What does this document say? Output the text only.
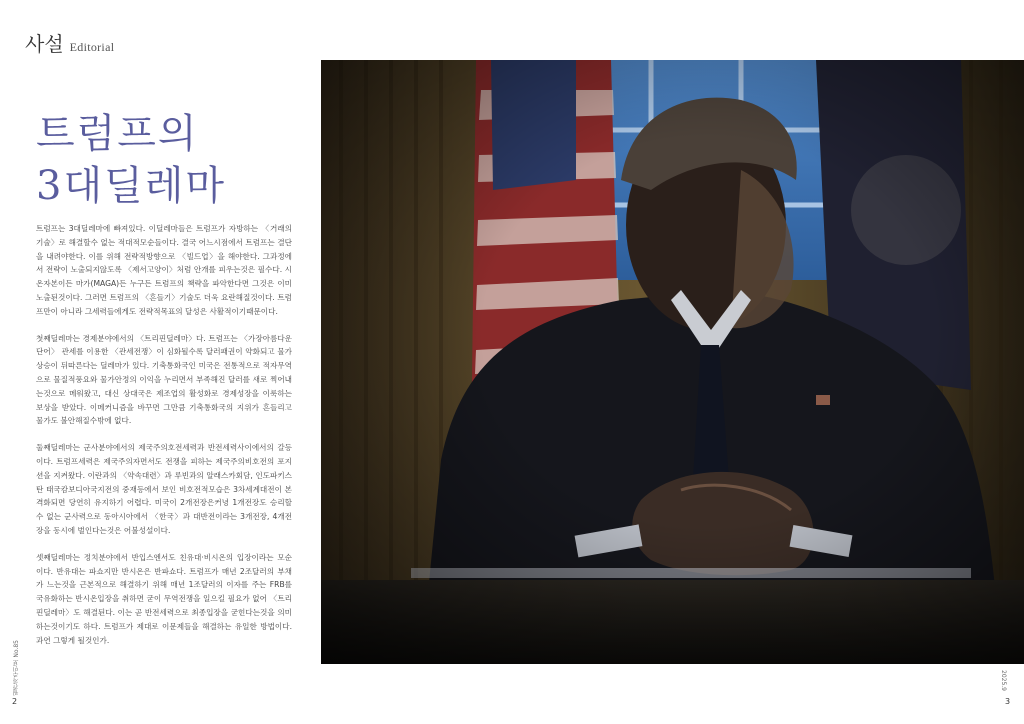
사설 Editorial
트럼프의
3대딜레마

트럼프는 3대딜레마에 빠져있다. 이딜레마들은 트럼프가 자방하는 〈거래의기술〉로 해결할수 없는 적대적모순들이다. 결국 어느시점에서 트럼프는 결단을 내려야한다. 이를 위해 전략적방향으로 〈빌드업〉을 해야한다. 그과정에서 전략이 노출되지않도록 〈제서고양이〉처럼 안개를 피우는것은 필수다. 시온자본이든 마가(MAGA)든 누구든 트럼프의 책략을 파악한다면 그것은 이미 노출된것이다. 그러면 트럼프의 〈흔들기〉기술도 더욱 요란해질것이다. 트럼프만이 아니라 그세력들에게도 전략적목표의 달성은 사활적이기때문이다.

첫째딜레마는 경제분야에서의 〈트리핀딜레마〉다. 트럼프는 〈가장아름다운단어〉 관세를 이용한 〈관세전쟁〉이 심화될수록 달러패권이 약화되고 물가상승이 뒤따른다는 딜레마가 있다. 기축통화국인 미국은 전통적으로 적자무역으로 물질적풍요와 물가안정의 이익을 누리면서 부족해진 달러를 새로 찍어내는것으로 메워왔고, 대신 상대국은 제조업의 활성화로 경제성장을 이룩하는 보상을 받았다. 이메커니즘을 바꾸면 그만큼 기축통화국의 지위가 흔들리고 물가도 불안해질수밖에 없다.

둘째딜레마는 군사분야에서의 제국주의호전세력과 반전세력사이에서의 갈등이다. 트럼프세력은 제국주의자면서도 전쟁을 피하는 제국주의비호전의 포지션을 지켜왔다. 이란과의 〈약속대련〉과 루빈과의 알래스카회담, 인도파키스탄 태국캄보디아국지전의 중재등에서 보인 비호전적모습은 3차세계대전이 본격화되면 당연히 유지하기 어렵다. 미국이 2개전장은커녕 1개전장도 승리할수 없는 군사력으로 동아시아에서 〈한국〉과 대반전이라는 3개전장, 4개전장을 동시에 벌인다는것은 어불성설이다.

셋째딜레마는 정치분야에서 반입스엔서도 친유대·비시온의 입장이라는 모순이다. 반유대는 파쇼지만 반시온은 반파쇼다. 트럼프가 매년 2조달러의 부채가 느는것을 근본적으로 해결하기 위해 매년 1조달러의 이자를 주는 FRB를 국유화하는 반시온입장을 취하면 굳이 무역전쟁을 일으킬 필요가 없어 〈트리핀딜레마〉도 해결된다. 이는 곧 반전세력으로 최종입장을 굳힌다는것을 의미하는것이기도 하다. 트럼프가 제대로 이문제들을 해결하는 유일한 방법이다. 과연 그렇게 될것인가.

월간자주민보 No.85
2
2025.9
3
